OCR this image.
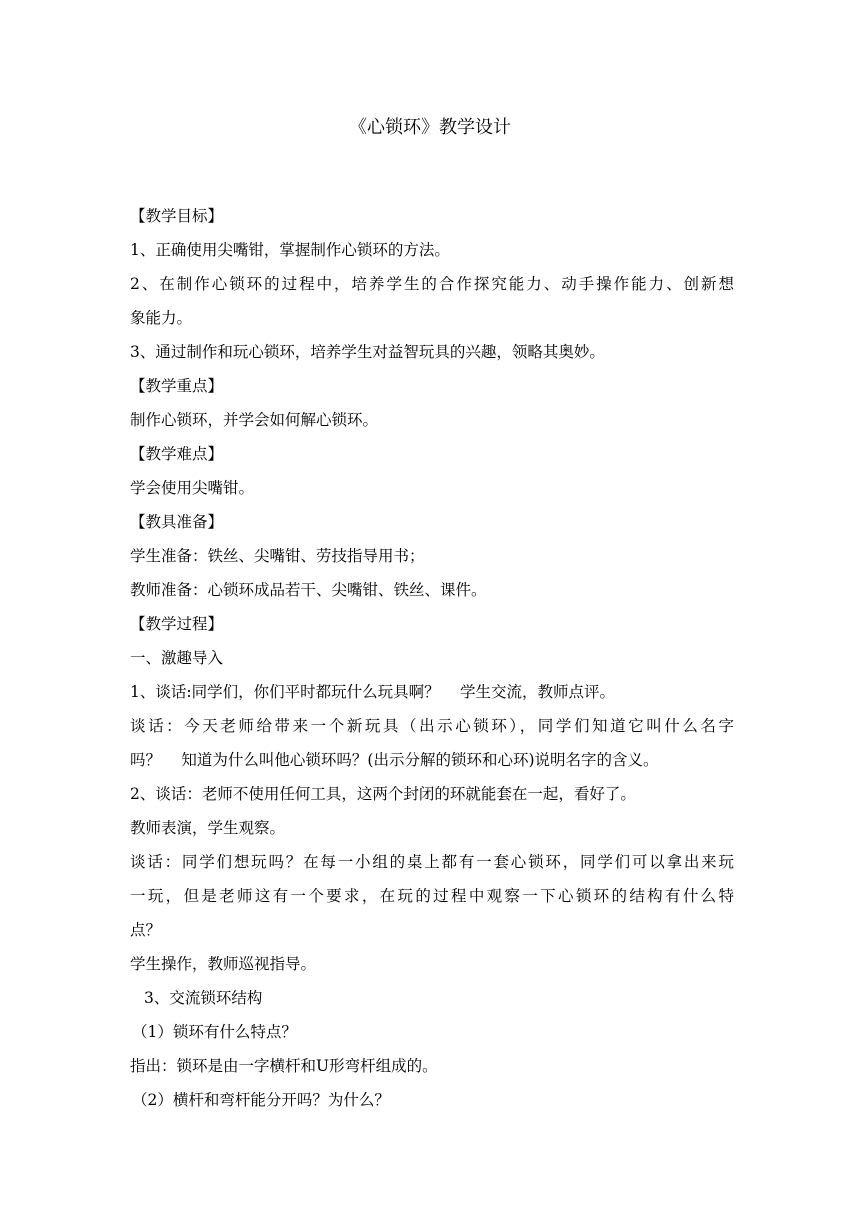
《心锁环》教学设计
【教学目标】
1、正确使用尖嘴钳，掌握制作心锁环的方法。
2、在制作心锁环的过程中，培养学生的合作探究能力、动手操作能力、创新想
象能力。
3、通过制作和玩心锁环，培养学生对益智玩具的兴趣，领略其奥妙。
【教学重点】
制作心锁环，并学会如何解心锁环。
【教学难点】
学会使用尖嘴钳。
【教具准备】
学生准备：铁丝、尖嘴钳、劳技指导用书；
教师准备：心锁环成品若干、尖嘴钳、铁丝、课件。
【教学过程】
一、激趣导入
1、谈话:同学们，你们平时都玩什么玩具啊？　 学生交流，教师点评。
谈话：今天老师给带来一个新玩具（出示心锁环），同学们知道它叫什么名字
吗？　 知道为什么叫他心锁环吗？(出示分解的锁环和心环)说明名字的含义。
2、谈话：老师不使用任何工具，这两个封闭的环就能套在一起，看好了。
教师表演，学生观察。
谈话：同学们想玩吗？在每一小组的桌上都有一套心锁环，同学们可以拿出来玩
一玩，但是老师这有一个要求，在玩的过程中观察一下心锁环的结构有什么特
点？
学生操作，教师巡视指导。
3、交流锁环结构
（1）锁环有什么特点？
指出：锁环是由一字横杆和U形弯杆组成的。
（2）横杆和弯杆能分开吗？为什么？
